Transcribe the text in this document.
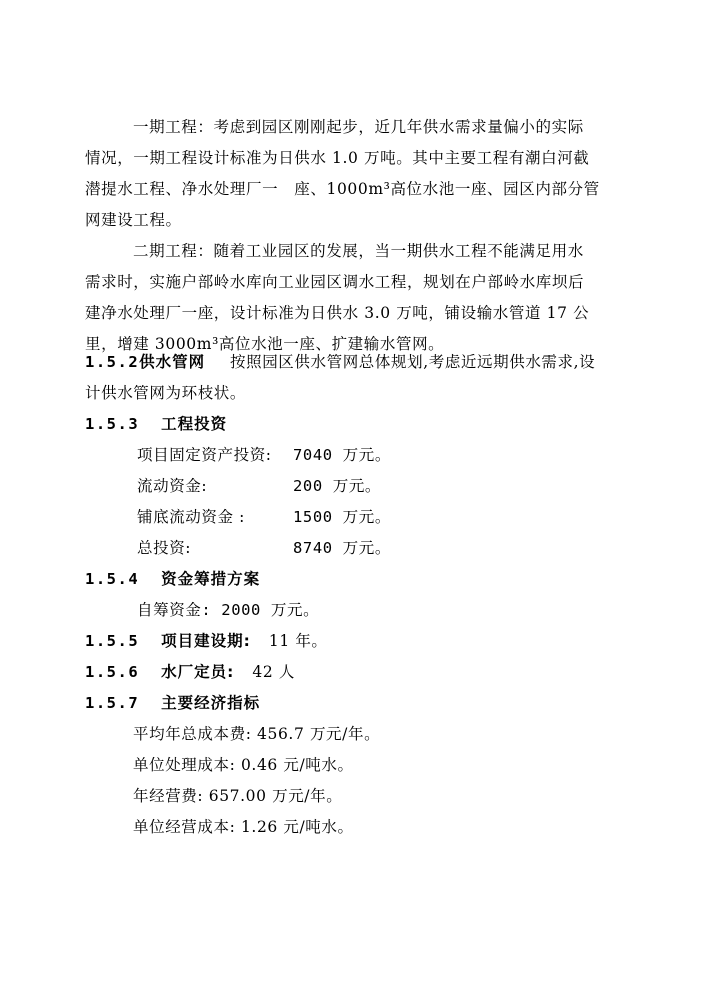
一期工程：考虑到园区刚刚起步，近几年供水需求量偏小的实际
情况，一期工程设计标准为日供水 1.0 万吨。其中主要工程有潮白河截
潜提水工程、净水处理厂一　座、1000m³高位水池一座、园区内部分管
网建设工程。
二期工程：随着工业园区的发展，当一期供水工程不能满足用水
需求时，实施户部岭水库向工业园区调水工程，规划在户部岭水库坝后
建净水处理厂一座，设计标准为日供水 3.0 万吨，铺设输水管道 17 公
里，增建 3000m³高位水池一座、扩建输水管网。
1.5.2供水管网 按照园区供水管网总体规划,考虑近远期供水需求,设
计供水管网为环枝状。
1.5.3 工程投资
项目固定资产投资: 7040 万元。
流动资金:	200 万元。
铺底流动资金 :	1500 万元。
总投资:	8740 万元。
1.5.4 资金筹措方案
自筹资金: 2000 万元。
1.5.5 项目建设期: 11 年。
1.5.6 水厂定员: 42 人
1.5.7 主要经济指标
平均年总成本费: 456.7 万元/年。
单位处理成本: 0.46 元/吨水。
年经营费: 657.00 万元/年。
单位经营成本: 1.26 元/吨水。
